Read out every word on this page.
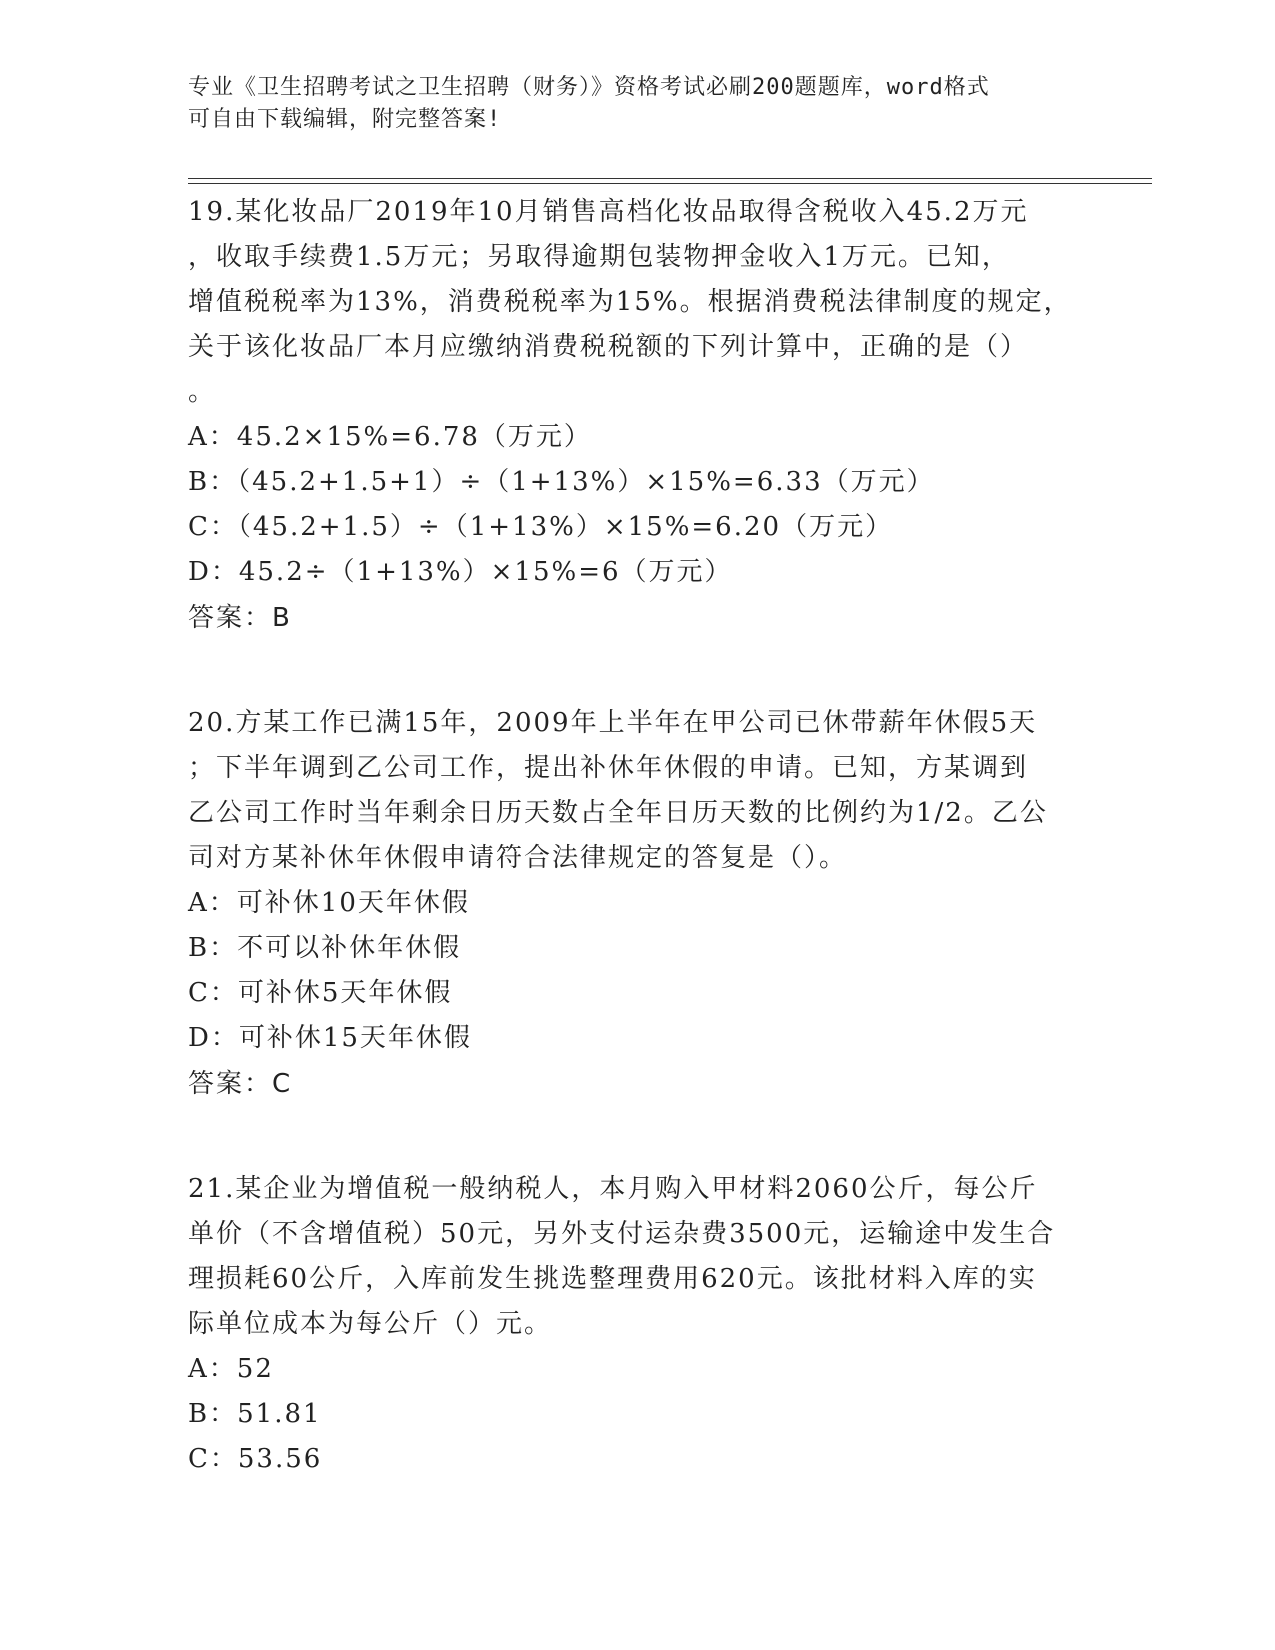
专业《卫生招聘考试之卫生招聘（财务）》资格考试必刷200题题库，word格式
可自由下载编辑，附完整答案!
19.某化妆品厂2019年10月销售高档化妆品取得含税收入45.2万元
，收取手续费1.5万元；另取得逾期包装物押金收入1万元。已知，
增值税税率为13%，消费税税率为15%。根据消费税法律制度的规定，
关于该化妆品厂本月应缴纳消费税税额的下列计算中，正确的是（）
。
A：45.2×15%=6.78（万元）
B：（45.2+1.5+1）÷（1+13%）×15%=6.33（万元）
C：（45.2+1.5）÷（1+13%）×15%=6.20（万元）
D：45.2÷（1+13%）×15%=6（万元）
答案：B
20.方某工作已满15年，2009年上半年在甲公司已休带薪年休假5天
；下半年调到乙公司工作，提出补休年休假的申请。已知，方某调到
乙公司工作时当年剩余日历天数占全年日历天数的比例约为1/2。乙公
司对方某补休年休假申请符合法律规定的答复是（）。
A：可补休10天年休假
B：不可以补休年休假
C：可补休5天年休假
D：可补休15天年休假
答案：C
21.某企业为增值税一般纳税人，本月购入甲材料2060公斤，每公斤
单价（不含增值税）50元，另外支付运杂费3500元，运输途中发生合
理损耗60公斤，入库前发生挑选整理费用620元。该批材料入库的实
际单位成本为每公斤（）元。
A：52
B：51.81
C：53.56
